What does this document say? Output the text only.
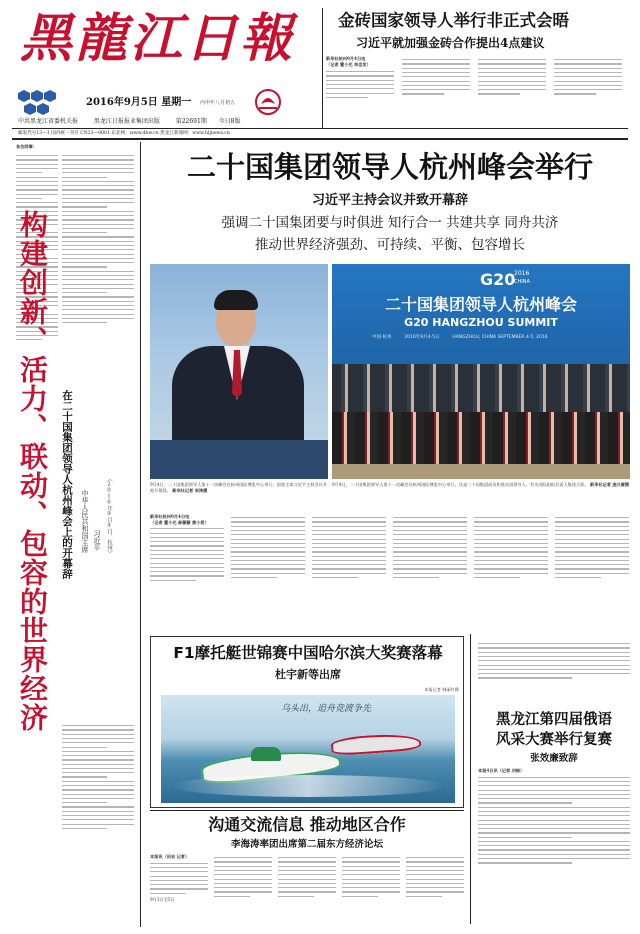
黑龍江日報
2016年9月5日 星期一 丙申年八月初五
中共黑龙江省委机关报	黑龙江日报报业集团出版	第22691期 今日8版
邮发代号13—1 国内统一刊号 CN23—0001 东北网：www.dbw.cn 黑龙江新闻网：www.hljnews.cn
金砖国家领导人举行非正式会晤
习近平就加强金砖合作提出4点建议
新华社杭州9月4日电
（记者 霍小光 李忠发）
各位同事：
构建创新、活力、联动、包容的世界经济 在二十国集团领导人杭州峰会上的开幕辞 中华人民共和国主席 习近平 （2016年9月4日，杭州）
二十国集团领导人杭州峰会举行
习近平主持会议并致开幕辞
强调二十国集团要与时俱进 知行合一 共建共享 同舟共济
推动世界经济强劲、可持续、平衡、包容增长
G20
2016
CHINA
二十国集团领导人杭州峰会
G20 HANGZHOU SUMMIT
中国·杭州	2016年9月4-5日	HANGZHOU, CHINA SEPTEMBER 4-5, 2016
9月4日，二十国集团领导人第十一次峰会在杭州国际博览中心举行。国家主席习近平主持会议并致开幕辞。 新华社记者 李涛摄
9月4日，二十国集团领导人第十一次峰会在杭州国际博览中心举行。这是二十国集团成员和嘉宾国领导人、有关国际组织负责人集体合影。 新华社记者 庞兴雷摄
新华社杭州9月4日电
（记者 霍小光 郝薇薇 黄小希）
F1摩托艇世锦赛中国哈尔滨大奖赛落幕
杜宇新等出席
本报记者 韩丽红摄
乌头出，追舟竞渡争先
黑龙江第四届俄语
风采大赛举行复赛
张效廉致辞
本报4日讯（记者 刘畅）
沟通交流信息 推动地区合作
李海涛率团出席第二届东方经济论坛
本报讯（田岩 记者）
9月3日至5日
